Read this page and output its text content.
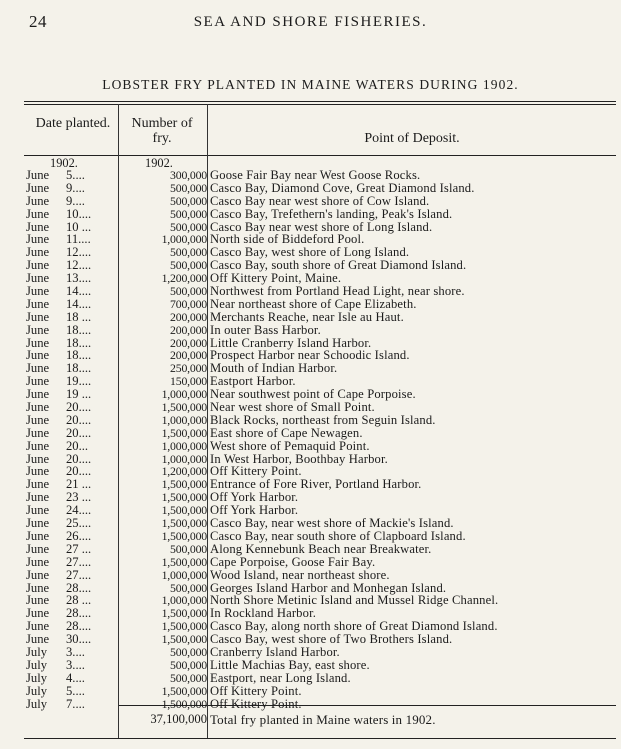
24	SEA AND SHORE FISHERIES.
LOBSTER FRY PLANTED IN MAINE WATERS DURING 1902.
Date planted.	Number of fry.	Point of Deposit.
1902.	1902.
June	5....	300,000 Goose Fair Bay near West Goose Rocks.
June	9....	500,000 Casco Bay, Diamond Cove, Great Diamond Island.
June	9....	500,000 Casco Bay near west shore of Cow Island.
June	10....	500,000 Casco Bay, Trefethern's landing, Peak's Island.
June	10 ...	500,000 Casco Bay near west shore of Long Island.
June	11....	1,000,000 North side of Biddeford Pool.
June	12....	500,000 Casco Bay, west shore of Long Island.
June	12....	500,000 Casco Bay, south shore of Great Diamond Island.
June	13....	1,200,000 Off Kittery Point, Maine.
June	14....	500,000 Northwest from Portland Head Light, near shore.
June	14....	700,000 Near northeast shore of Cape Elizabeth.
June	18 ...	200,000 Merchants Reache, near Isle au Haut.
June	18....	200,000 In outer Bass Harbor.
June	18....	200,000 Little Cranberry Island Harbor.
June	18....	200,000 Prospect Harbor near Schoodic Island.
June	18....	250,000 Mouth of Indian Harbor.
June	19....	150,000 Eastport Harbor.
June	19 ...	1,000,000 Near southwest point of Cape Porpoise.
June	20....	1,500,000 Near west shore of Small Point.
June	20....	1,000,000 Black Rocks, northeast from Seguin Island.
June	20....	1,500,000 East shore of Cape Newagen.
June	20...	1,000,000 West shore of Pemaquid Point.
June	20....	1,000,000 In West Harbor, Boothbay Harbor.
June	20....	1,200,000 Off Kittery Point.
June	21 ...	1,500,000 Entrance of Fore River, Portland Harbor.
June	23 ...	1,500,000 Off York Harbor.
June	24....	1,500,000 Off York Harbor.
June	25....	1,500,000 Casco Bay, near west shore of Mackie's Island.
June	26....	1,500,000 Casco Bay, near south shore of Clapboard Island.
June	27 ...	500,000 Along Kennebunk Beach near Breakwater.
June	27....	1,500,000 Cape Porpoise, Goose Fair Bay.
June	27....	1,000,000 Wood Island, near northeast shore.
June	28....	500,000 Georges Island Harbor and Monhegan Island.
June	28 ...	1,000,000 North Shore Metinic Island and Mussel Ridge Channel.
June	28....	1,500,000 In Rockland Harbor.
June	28....	1,500,000 Casco Bay, along north shore of Great Diamond Island.
June	30....	1,500,000 Casco Bay, west shore of Two Brothers Island.
July	3....	500,000 Cranberry Island Harbor.
July	3....	500,000 Little Machias Bay, east shore.
July	4....	500,000 Eastport, near Long Island.
July	5....	1,500,000 Off Kittery Point.
July	7....	1,500,000 Off Kittery Point.
37,100,000 Total fry planted in Maine waters in 1902.
